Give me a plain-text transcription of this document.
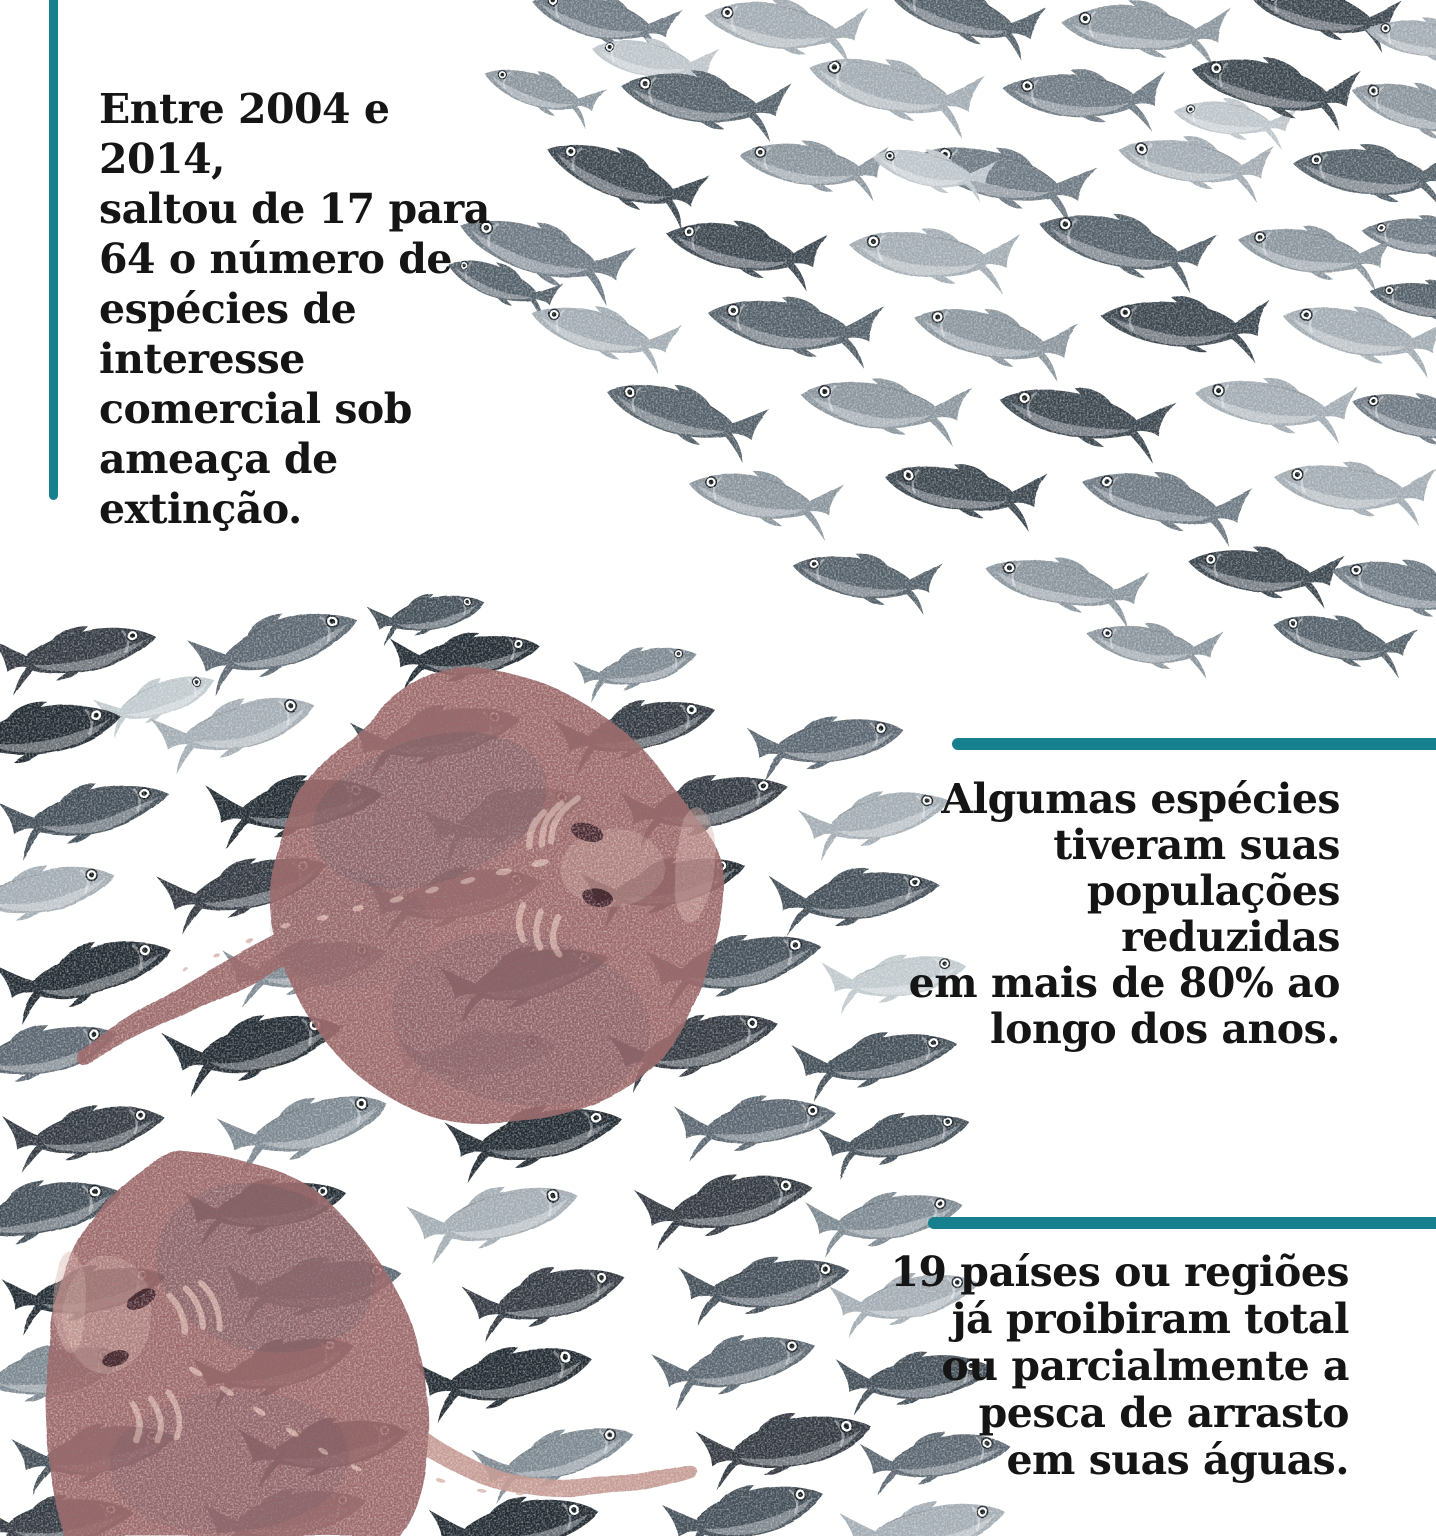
Entre 2004 e 2014,
saltou de 17 para
64 o número de
espécies de
interesse
comercial sob
ameaça de
extinção.

Algumas espécies
tiveram suas
populações reduzidas
em mais de 80% ao
longo dos anos.

19 países ou regiões
já proibiram total
ou parcialmente a
pesca de arrasto
em suas águas.
